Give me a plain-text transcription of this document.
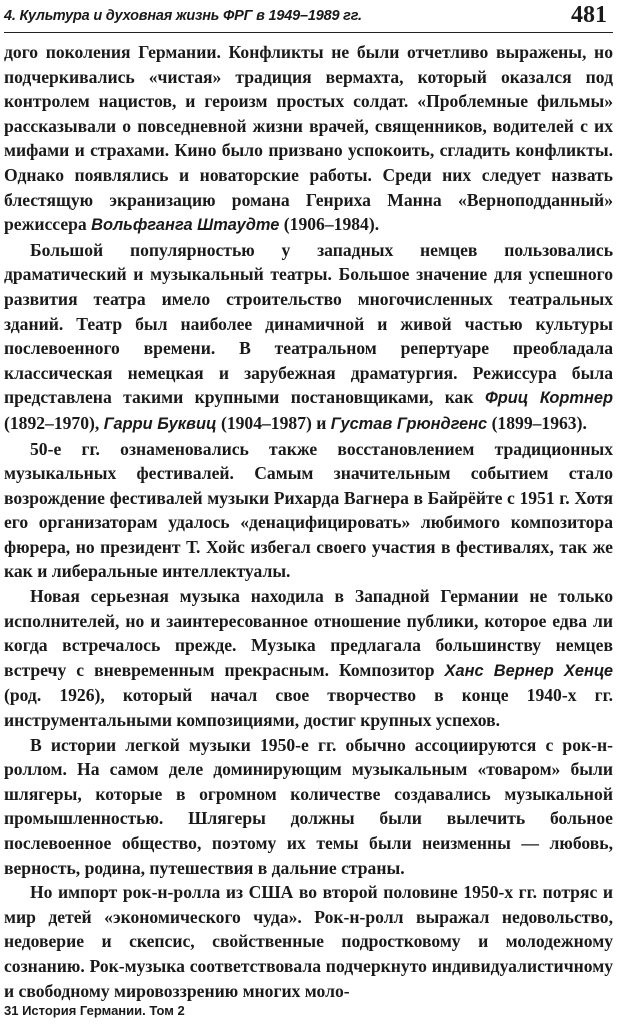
4. Культура и духовная жизнь ФРГ в 1949–1989 гг.	481

дого поколения Германии. Конфликты не были отчетливо выражены, но подчеркивались «чистая» традиция вермахта, который оказался под контролем нацистов, и героизм простых солдат. «Проблемные фильмы» рассказывали о повседневной жизни врачей, священников, водителей с их мифами и страхами. Кино было призвано успокоить, сгладить конфликты. Однако появлялись и новаторские работы. Среди них следует назвать блестящую экранизацию романа Генриха Манна «Верноподданный» режиссера Вольфганга Штаудте (1906–1984).

Большой популярностью у западных немцев пользовались драматический и музыкальный театры. Большое значение для успешного развития театра имело строительство многочисленных театральных зданий. Театр был наиболее динамичной и живой частью культуры послевоенного времени. В театральном репертуаре преобладала классическая немецкая и зарубежная драматургия. Режиссура была представлена такими крупными постановщиками, как Фриц Кортнер (1892–1970), Гарри Буквиц (1904–1987) и Густав Грюндгенс (1899–1963).

50-е гг. ознаменовались также восстановлением традиционных музыкальных фестивалей. Самым значительным событием стало возрождение фестивалей музыки Рихарда Вагнера в Байрёйте с 1951 г. Хотя его организаторам удалось «денацифицировать» любимого композитора фюрера, но президент Т. Хойс избегал своего участия в фестивалях, так же как и либеральные интеллектуалы.

Новая серьезная музыка находила в Западной Германии не только исполнителей, но и заинтересованное отношение публики, которое едва ли когда встречалось прежде. Музыка предлагала большинству немцев встречу с вневременным прекрасным. Композитор Ханс Вернер Хенце (род. 1926), который начал свое творчество в конце 1940-х гг. инструментальными композициями, достиг крупных успехов.

В истории легкой музыки 1950-е гг. обычно ассоциируются с рок-н-роллом. На самом деле доминирующим музыкальным «товаром» были шлягеры, которые в огромном количестве создавались музыкальной промышленностью. Шлягеры должны были вылечить больное послевоенное общество, поэтому их темы были неизменны — любовь, верность, родина, путешествия в дальние страны.

Но импорт рок-н-ролла из США во второй половине 1950-х гг. потряс и мир детей «экономического чуда». Рок-н-ролл выражал недовольство, недоверие и скепсис, свойственные подростковому и молодежному сознанию. Рок-музыка соответствовала подчеркнуто индивидуалистичному и свободному мировоззрению многих моло-

31 История Германии. Том 2
